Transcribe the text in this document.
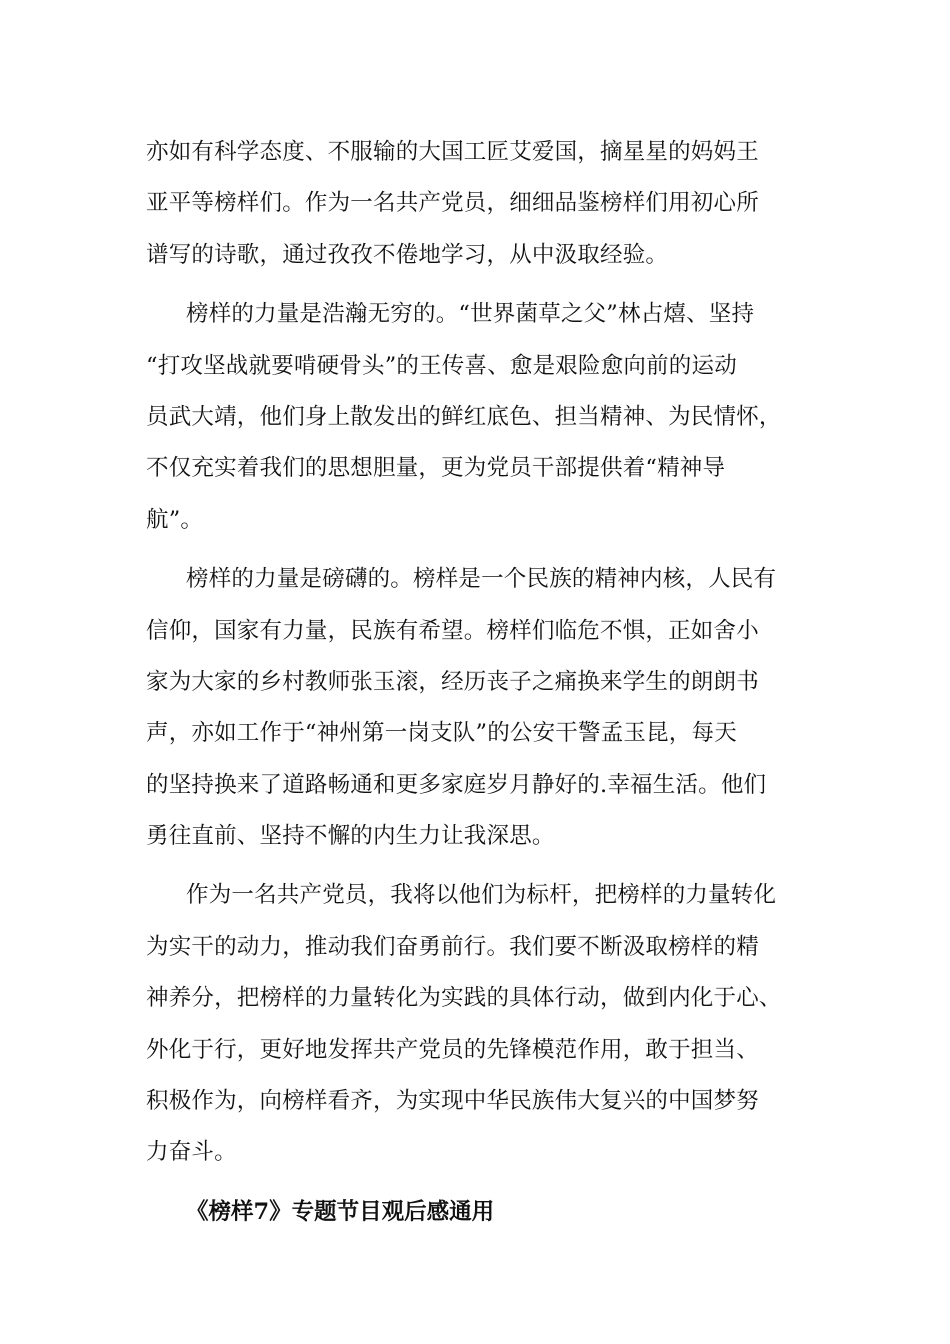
亦如有科学态度、不服输的大国工匠艾爱国，摘星星的妈妈王
亚平等榜样们。作为一名共产党员，细细品鉴榜样们用初心所
谱写的诗歌，通过孜孜不倦地学习，从中汲取经验。
榜样的力量是浩瀚无穷的。“世界菌草之父”林占熺、坚持
“打攻坚战就要啃硬骨头”的王传喜、愈是艰险愈向前的运动
员武大靖，他们身上散发出的鲜红底色、担当精神、为民情怀，
不仅充实着我们的思想胆量，更为党员干部提供着“精神导
航”。
榜样的力量是磅礴的。榜样是一个民族的精神内核，人民有
信仰，国家有力量，民族有希望。榜样们临危不惧，正如舍小
家为大家的乡村教师张玉滚，经历丧子之痛换来学生的朗朗书
声，亦如工作于“神州第一岗支队”的公安干警孟玉昆，每天
的坚持换来了道路畅通和更多家庭岁月静好的.幸福生活。他们
勇往直前、坚持不懈的内生力让我深思。
作为一名共产党员，我将以他们为标杆，把榜样的力量转化
为实干的动力，推动我们奋勇前行。我们要不断汲取榜样的精
神养分，把榜样的力量转化为实践的具体行动，做到内化于心、
外化于行，更好地发挥共产党员的先锋模范作用，敢于担当、
积极作为，向榜样看齐，为实现中华民族伟大复兴的中国梦努
力奋斗。
《榜样7》专题节目观后感通用
